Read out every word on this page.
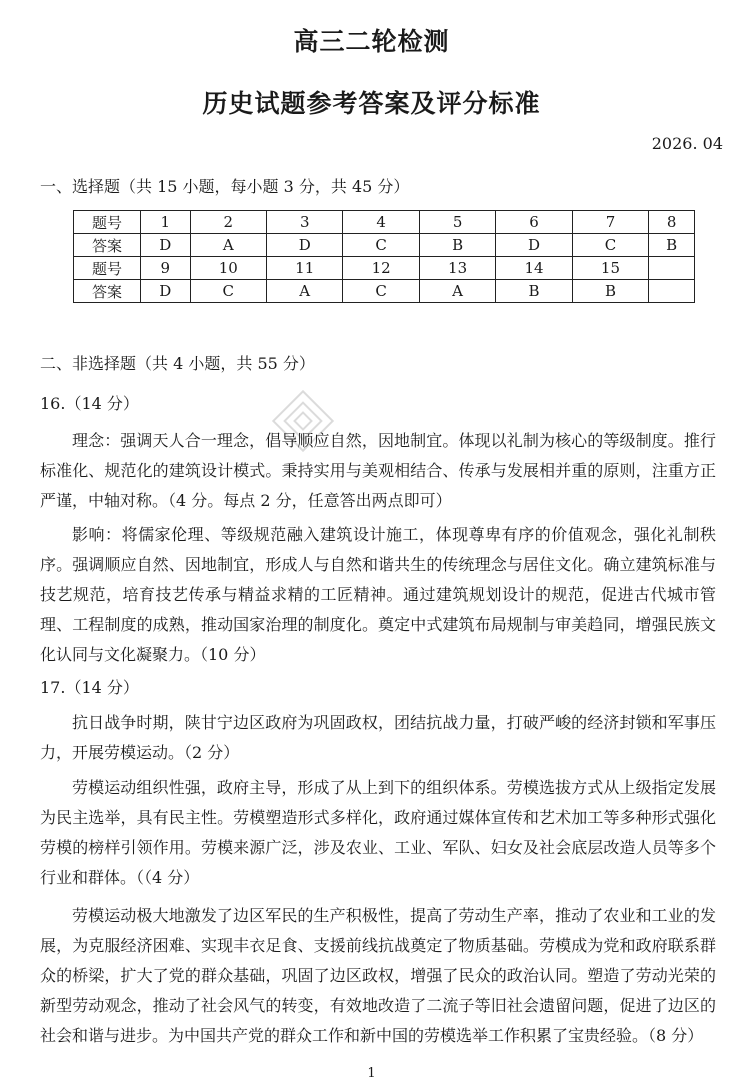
高三二轮检测
历史试题参考答案及评分标准
2026. 04
一、选择题（共 15 小题，每小题 3 分，共 45 分）
题号	1	2	3	4	5	6	7	8
答案	D	A	D	C	B	D	C	B
题号	9	10	11	12	13	14	15	
答案	D	C	A	C	A	B	B	
二、非选择题（共 4 小题，共 55 分）
16.（14 分）
理念：强调天人合一理念，倡导顺应自然，因地制宜。体现以礼制为核心的等级制度。推行标准化、规范化的建筑设计模式。秉持实用与美观相结合、传承与发展相并重的原则，注重方正严谨，中轴对称。（4 分。每点 2 分，任意答出两点即可）
影响：将儒家伦理、等级规范融入建筑设计施工，体现尊卑有序的价值观念，强化礼制秩序。强调顺应自然、因地制宜，形成人与自然和谐共生的传统理念与居住文化。确立建筑标准与技艺规范，培育技艺传承与精益求精的工匠精神。通过建筑规划设计的规范，促进古代城市管理、工程制度的成熟，推动国家治理的制度化。奠定中式建筑布局规制与审美趋同，增强民族文化认同与文化凝聚力。（10 分）
17.（14 分）
抗日战争时期，陕甘宁边区政府为巩固政权，团结抗战力量，打破严峻的经济封锁和军事压力，开展劳模运动。（2 分）
劳模运动组织性强，政府主导，形成了从上到下的组织体系。劳模选拔方式从上级指定发展为民主选举，具有民主性。劳模塑造形式多样化，政府通过媒体宣传和艺术加工等多种形式强化劳模的榜样引领作用。劳模来源广泛，涉及农业、工业、军队、妇女及社会底层改造人员等多个行业和群体。（（4 分）
劳模运动极大地激发了边区军民的生产积极性，提高了劳动生产率，推动了农业和工业的发展，为克服经济困难、实现丰衣足食、支援前线抗战奠定了物质基础。劳模成为党和政府联系群众的桥梁，扩大了党的群众基础，巩固了边区政权，增强了民众的政治认同。塑造了劳动光荣的新型劳动观念，推动了社会风气的转变，有效地改造了二流子等旧社会遗留问题，促进了边区的社会和谐与进步。为中国共产党的群众工作和新中国的劳模选举工作积累了宝贵经验。（8 分）
1
